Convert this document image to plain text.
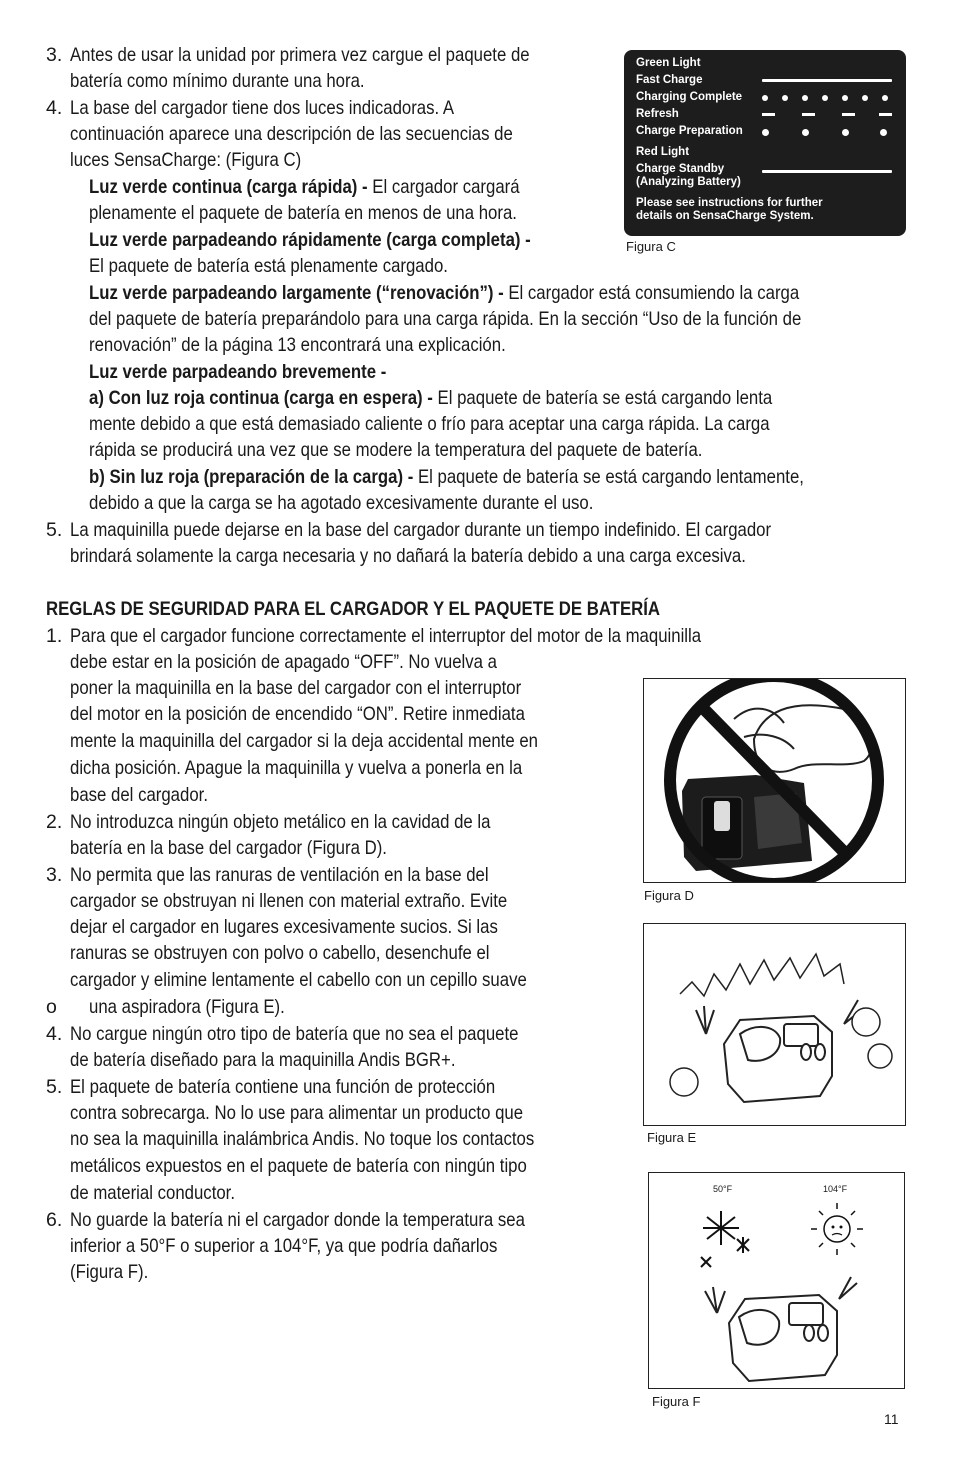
3. Antes de usar la unidad por primera vez cargue el paquete de
batería como mínimo durante una hora.
4. La base del cargador tiene dos luces indicadoras. A
continuación aparece una descripción de las secuencias de
luces SensaCharge: (Figura C)
Luz verde continua (carga rápida) - El cargador cargará
plenamente el paquete de batería en menos de una hora.
Luz verde parpadeando rápidamente (carga completa) -
El paquete de batería está plenamente cargado.
Luz verde parpadeando largamente (“renovación”) - El cargador está consumiendo la carga
del paquete de batería preparándolo para una carga rápida. En la sección “Uso de la función de
renovación” de la página 13 encontrará una explicación.
Luz verde parpadeando brevemente -
a) Con luz roja continua (carga en espera) - El paquete de batería se está cargando lenta
mente debido a que está demasiado caliente o frío para aceptar una carga rápida. La carga
rápida se producirá una vez que se modere la temperatura del paquete de batería.
b) Sin luz roja (preparación de la carga) - El paquete de batería se está cargando lentamente,
debido a que la carga se ha agotado excesivamente durante el uso.
5. La maquinilla puede dejarse en la base del cargador durante un tiempo indefinido. El cargador
brindará solamente la carga necesaria y no dañará la batería debido a una carga excesiva.
REGLAS DE SEGURIDAD PARA EL CARGADOR Y EL PAQUETE DE BATERÍA
1. Para que el cargador funcione correctamente el interruptor del motor de la maquinilla
debe estar en la posición de apagado “OFF”. No vuelva a
poner la maquinilla en la base del cargador con el interruptor
del motor en la posición de encendido “ON”. Retire inmediata
mente la maquinilla del cargador si la deja accidental mente en
dicha posición. Apague la maquinilla y vuelva a ponerla en la
base del cargador.
2. No introduzca ningún objeto metálico en la cavidad de la
batería en la base del cargador (Figura D).
3. No permita que las ranuras de ventilación en la base del
cargador se obstruyan ni llenen con material extraño. Evite
dejar el cargador en lugares excesivamente sucios. Si las
ranuras se obstruyen con polvo o cabello, desenchufe el
cargador y elimine lentamente el cabello con un cepillo suave
o una aspiradora (Figura E).
4. No cargue ningún otro tipo de batería que no sea el paquete
de batería diseñado para la maquinilla Andis BGR+.
5. El paquete de batería contiene una función de protección
contra sobrecarga. No lo use para alimentar un producto que
no sea la maquinilla inalámbrica Andis. No toque los contactos
metálicos expuestos en el paquete de batería con ningún tipo
de material conductor.
6. No guarde la batería ni el cargador donde la temperatura sea
inferior a 50°F o superior a 104°F, ya que podría dañarlos
(Figura F).
Green Light
Fast Charge
Charging Complete
Refresh
Charge Preparation
Red Light
Charge Standby
(Analyzing Battery)
Please see instructions for further
details on SensaCharge System.
Figura C
Figura D
Figura E
50°F	104°F
Figura F
11
